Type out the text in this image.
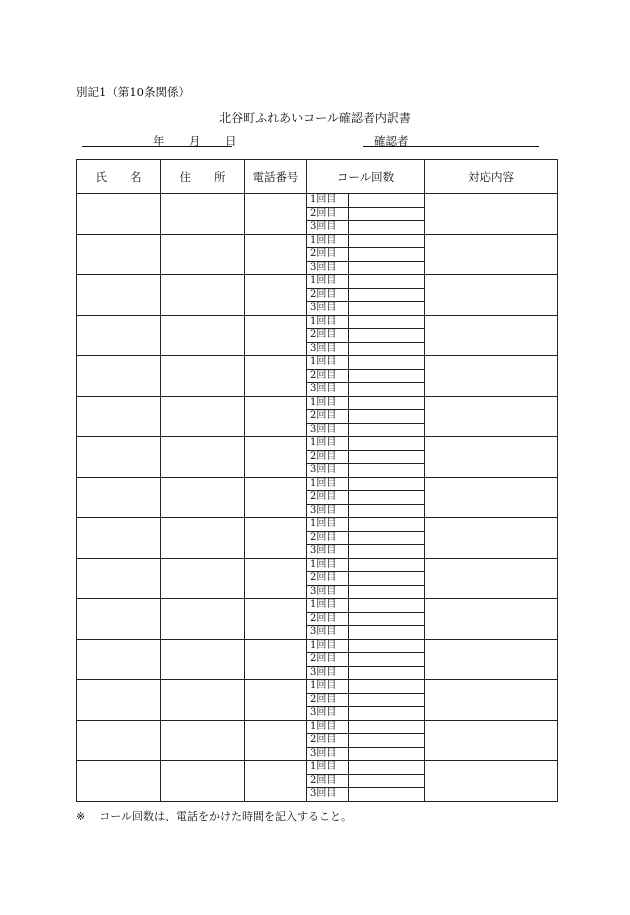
別記1（第10条関係）
北谷町ふれあいコール確認者内訳書
年 月 日	確認者
氏　　名	住　　所	電話番号	コール回数		対応内容
			1回目		
			2回目		
			3回目		
			1回目		
			2回目		
			3回目		
			1回目		
			2回目		
			3回目		
			1回目		
			2回目		
			3回目		
			1回目		
			2回目		
			3回目		
			1回目		
			2回目		
			3回目		
			1回目		
			2回目		
			3回目		
			1回目		
			2回目		
			3回目		
			1回目		
			2回目		
			3回目		
			1回目		
			2回目		
			3回目		
			1回目		
			2回目		
			3回目		
			1回目		
			2回目		
			3回目		
			1回目		
			2回目		
			3回目		
			1回目		
			2回目		
			3回目		
			1回目		
			2回目		
			3回目		
※ コール回数は、電話をかけた時間を記入すること。
